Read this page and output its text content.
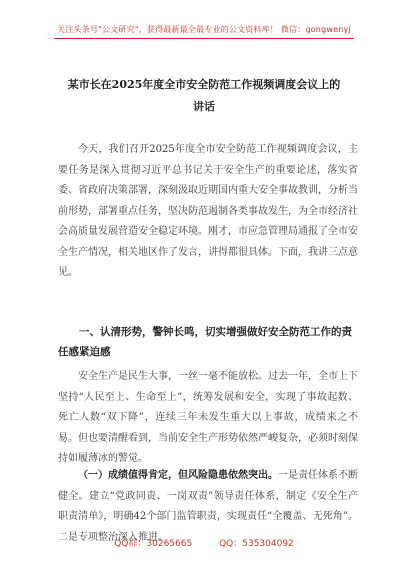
关注头条号"公文研究"，获得最新最全最专业的公文资料库！ 微信：gongwenyj
某市长在2025年度全市安全防范工作视频调度会议上的讲话
今天，我们召开2025年度全市安全防范工作视频调度会议，主要任务是深入贯彻习近平总书记关于安全生产的重要论述，落实省委、省政府决策部署，深刻汲取近期国内重大安全事故教训，分析当前形势，部署重点任务，坚决防范遏制各类事故发生，为全市经济社会高质量发展营造安全稳定环境。刚才，市应急管理局通报了全市安全生产情况，相关地区作了发言，讲得都很具体。下面，我讲三点意见。
一、认清形势，警钟长鸣，切实增强做好安全防范工作的责任感紧迫感
安全生产是民生大事，一丝一毫不能放松。过去一年，全市上下坚持“人民至上、生命至上”，统筹发展和安全，实现了事故起数、死亡人数“双下降”，连续三年未发生重大以上事故，成绩来之不易。但也要清醒看到，当前安全生产形势依然严峻复杂，必须时刻保持如履薄冰的警觉。
（一）成绩值得肯定，但风险隐患依然突出。一是责任体系不断健全。建立“党政同责、一岗双责”领导责任体系，制定《安全生产职责清单》，明确42个部门监管职责，实现责任“全覆盖、无死角”。二是专项整治深入推进。
QQ群：30265665	QQ：535304092
